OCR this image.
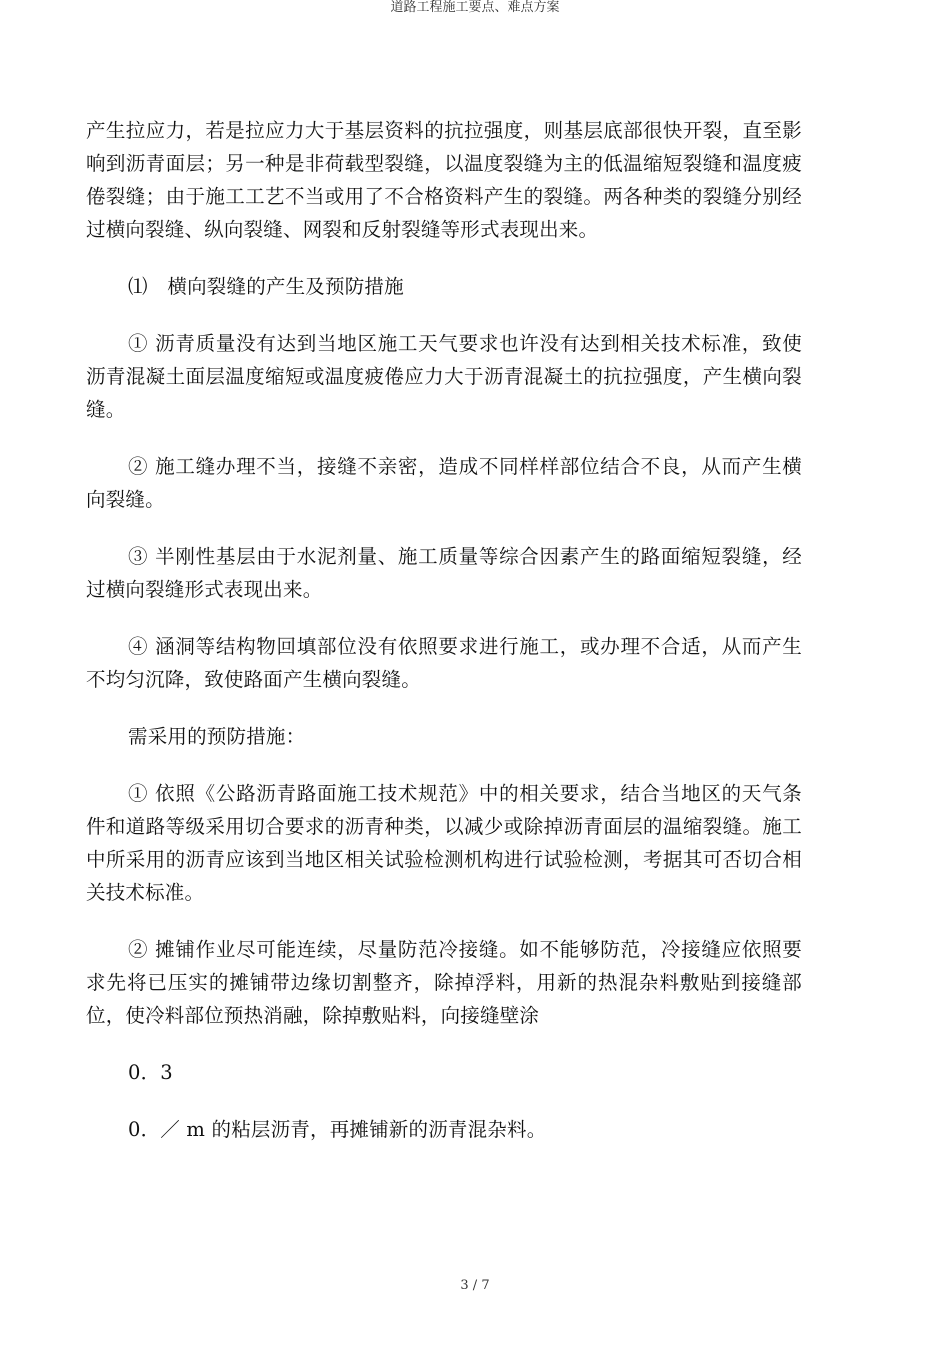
道路工程施工要点、难点方案

产生拉应力，若是拉应力大于基层资料的抗拉强度，则基层底部很快开裂，直至影响到沥青面层；另一种是非荷载型裂缝，以温度裂缝为主的低温缩短裂缝和温度疲倦裂缝；由于施工工艺不当或用了不合格资料产生的裂缝。两各种类的裂缝分别经过横向裂缝、纵向裂缝、网裂和反射裂缝等形式表现出来。

⑴　横向裂缝的产生及预防措施

① 沥青质量没有达到当地区施工天气要求也许没有达到相关技术标准，致使沥青混凝土面层温度缩短或温度疲倦应力大于沥青混凝土的抗拉强度，产生横向裂缝。

② 施工缝办理不当，接缝不亲密，造成不同样样部位结合不良，从而产生横向裂缝。

③ 半刚性基层由于水泥剂量、施工质量等综合因素产生的路面缩短裂缝，经过横向裂缝形式表现出来。

④ 涵洞等结构物回填部位没有依照要求进行施工，或办理不合适，从而产生不均匀沉降，致使路面产生横向裂缝。

需采用的预防措施：

① 依照《公路沥青路面施工技术规范》中的相关要求，结合当地区的天气条件和道路等级采用切合要求的沥青种类，以减少或除掉沥青面层的温缩裂缝。施工中所采用的沥青应该到当地区相关试验检测机构进行试验检测，考据其可否切合相关技术标准。

② 摊铺作业尽可能连续，尽量防范冷接缝。如不能够防范，冷接缝应依照要求先将已压实的摊铺带边缘切割整齐，除掉浮料，用新的热混杂料敷贴到接缝部位，使冷料部位预热消融，除掉敷贴料，向接缝壁涂

0．3

0．／ m 的粘层沥青，再摊铺新的沥青混杂料。

3 / 7
